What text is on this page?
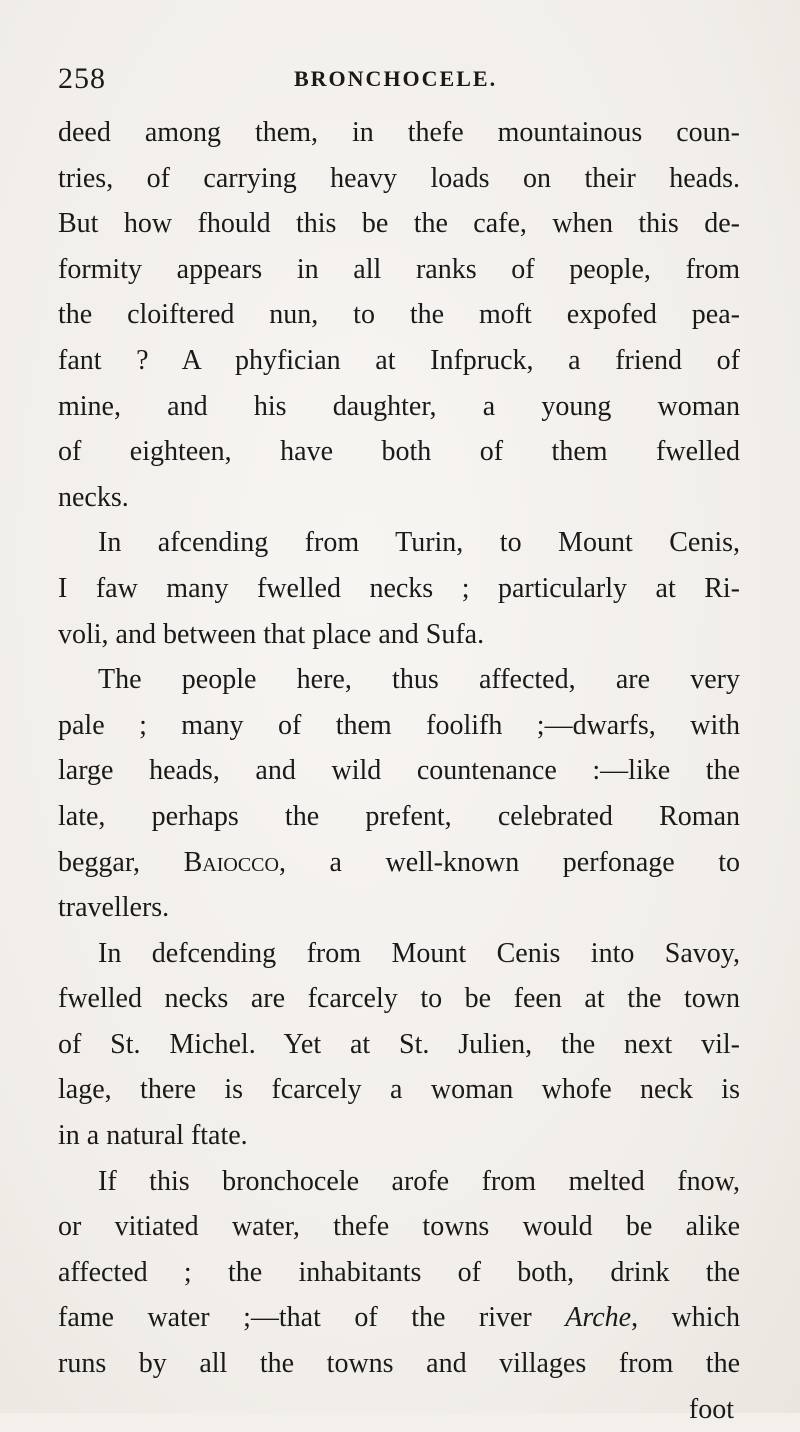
258	BRONCHOCELE.
deed among them, in thefe mountainous coun-
tries, of carrying heavy loads on their heads.
But how fhould this be the cafe, when this de-
formity appears in all ranks of people, from
the cloiftered nun, to the moft expofed pea-
fant ? A phyfician at Infpruck, a friend of
mine, and his daughter, a young woman
of eighteen, have both of them fwelled
necks.
In afcending from Turin, to Mount Cenis,
I faw many fwelled necks ; particularly at Ri-
voli, and between that place and Sufa.
The people here, thus affected, are very
pale ; many of them foolifh ;—dwarfs, with
large heads, and wild countenance :—like the
late, perhaps the prefent, celebrated Roman
beggar, Baiocco, a well-known perfonage to
travellers.
In defcending from Mount Cenis into Savoy,
fwelled necks are fcarcely to be feen at the town
of St. Michel. Yet at St. Julien, the next vil-
lage, there is fcarcely a woman whofe neck is
in a natural ftate.
If this bronchocele arofe from melted fnow,
or vitiated water, thefe towns would be alike
affected ; the inhabitants of both, drink the
fame water ;—that of the river Arche, which
runs by all the towns and villages from the
foot
